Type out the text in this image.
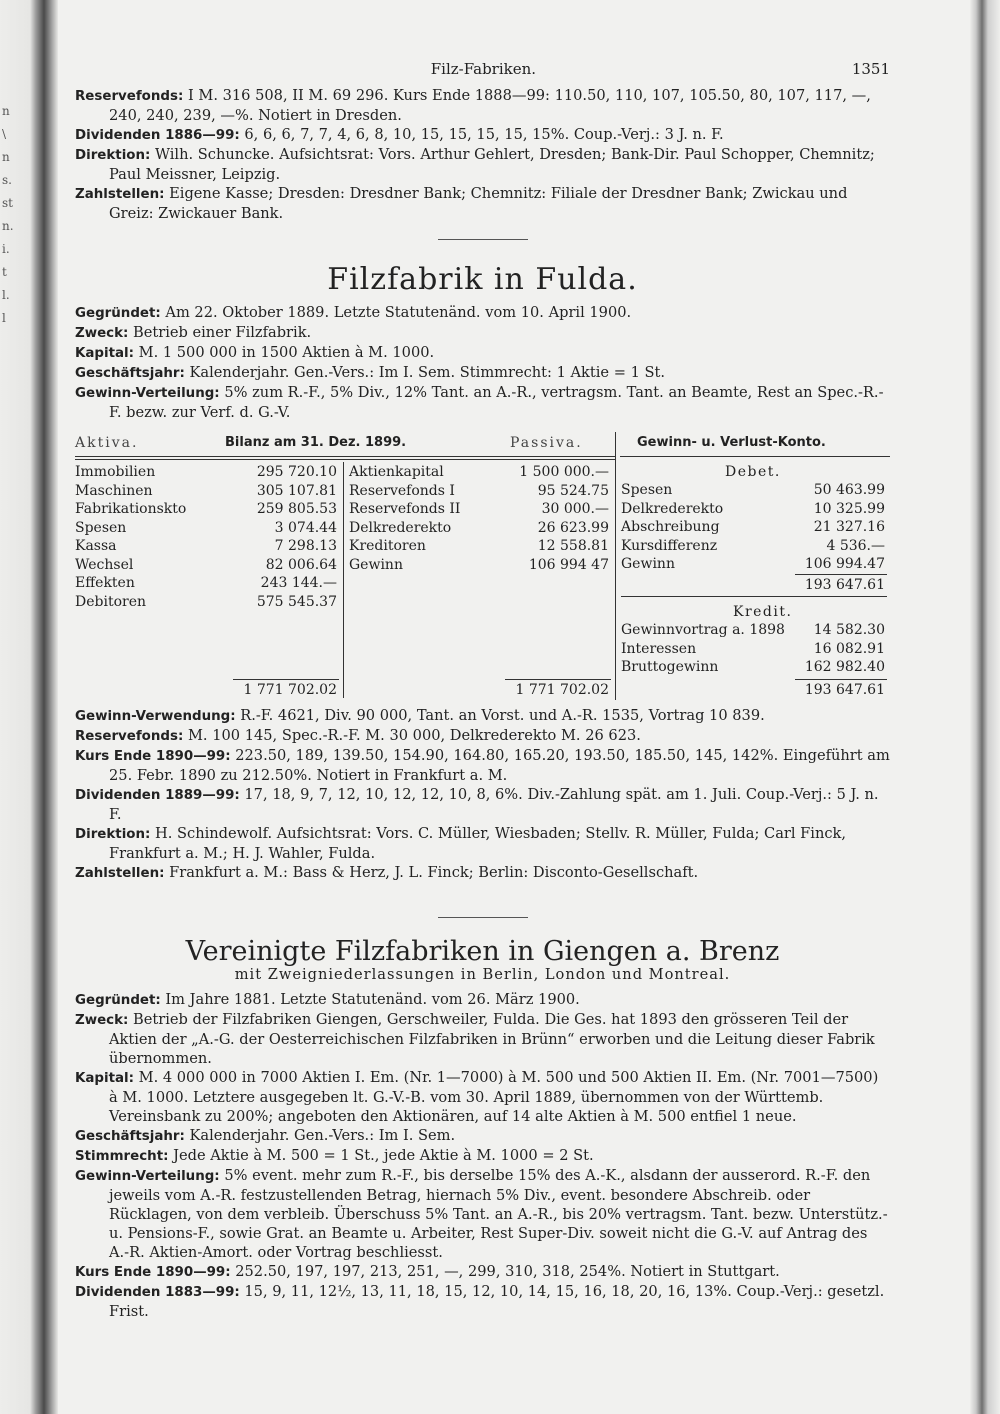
n
\
n
s.
st
n.
i.
t
l.
l
Filz-Fabriken.	1351

Reservefonds: I M. 316 508, II M. 69 296. Kurs Ende 1888—99: 110.50, 110, 107, 105.50, 80, 107, 117, —, 240, 240, 239, —%. Notiert in Dresden.

Dividenden 1886—99: 6, 6, 6, 7, 7, 4, 6, 8, 10, 15, 15, 15, 15, 15%. Coup.-Verj.: 3 J. n. F.

Direktion: Wilh. Schuncke. Aufsichtsrat: Vors. Arthur Gehlert, Dresden; Bank-Dir. Paul Schopper, Chemnitz; Paul Meissner, Leipzig.

Zahlstellen: Eigene Kasse; Dresden: Dresdner Bank; Chemnitz: Filiale der Dresdner Bank; Zwickau und Greiz: Zwickauer Bank.

Filzfabrik in Fulda.

Gegründet: Am 22. Oktober 1889. Letzte Statutenänd. vom 10. April 1900.

Zweck: Betrieb einer Filzfabrik.

Kapital: M. 1 500 000 in 1500 Aktien à M. 1000.

Geschäftsjahr: Kalenderjahr. Gen.-Vers.: Im I. Sem. Stimmrecht: 1 Aktie = 1 St.

Gewinn-Verteilung: 5% zum R.-F., 5% Div., 12% Tant. an A.-R., vertragsm. Tant. an Beamte, Rest an Spec.-R.-F. bezw. zur Verf. d. G.-V.

Aktiva.	Bilanz am 31. Dez. 1899.	Passiva.	Gewinn- u. Verlust-Konto.
Immobilien	295 720.10
Maschinen	305 107.81
Fabrikationskto	259 805.53
Spesen	3 074.44
Kassa	7 298.13
Wechsel	82 006.64
Effekten	243 144.—
Debitoren	575 545.37
1 771 702.02
Aktienkapital	1 500 000.—
Reservefonds I	95 524.75
Reservefonds II	30 000.—
Delkrederekto	26 623.99
Kreditoren	12 558.81
Gewinn	106 994 47
1 771 702.02
Debet.
Spesen	50 463.99
Delkrederekto	10 325.99
Abschreibung	21 327.16
Kursdifferenz	4 536.—
Gewinn	106 994.47
193 647.61
Kredit.
Gewinnvortrag a. 1898 14 582.30
Interessen	16 082.91
Bruttogewinn	162 982.40
193 647.61

Gewinn-Verwendung: R.-F. 4621, Div. 90 000, Tant. an Vorst. und A.-R. 1535, Vortrag 10 839.

Reservefonds: M. 100 145, Spec.-R.-F. M. 30 000, Delkrederekto M. 26 623.

Kurs Ende 1890—99: 223.50, 189, 139.50, 154.90, 164.80, 165.20, 193.50, 185.50, 145, 142%. Eingeführt am 25. Febr. 1890 zu 212.50%. Notiert in Frankfurt a. M.

Dividenden 1889—99: 17, 18, 9, 7, 12, 10, 12, 12, 10, 8, 6%. Div.-Zahlung spät. am 1. Juli. Coup.-Verj.: 5 J. n. F.

Direktion: H. Schindewolf. Aufsichtsrat: Vors. C. Müller, Wiesbaden; Stellv. R. Müller, Fulda; Carl Finck, Frankfurt a. M.; H. J. Wahler, Fulda.

Zahlstellen: Frankfurt a. M.: Bass & Herz, J. L. Finck; Berlin: Disconto-Gesellschaft.

Vereinigte Filzfabriken in Giengen a. Brenz
mit Zweigniederlassungen in Berlin, London und Montreal.

Gegründet: Im Jahre 1881. Letzte Statutenänd. vom 26. März 1900.

Zweck: Betrieb der Filzfabriken Giengen, Gerschweiler, Fulda. Die Ges. hat 1893 den grösseren Teil der Aktien der „A.-G. der Oesterreichischen Filzfabriken in Brünn“ erworben und die Leitung dieser Fabrik übernommen.

Kapital: M. 4 000 000 in 7000 Aktien I. Em. (Nr. 1—7000) à M. 500 und 500 Aktien II. Em. (Nr. 7001—7500) à M. 1000. Letztere ausgegeben lt. G.-V.-B. vom 30. April 1889, übernommen von der Württemb. Vereinsbank zu 200%; angeboten den Aktionären, auf 14 alte Aktien à M. 500 entfiel 1 neue.

Geschäftsjahr: Kalenderjahr. Gen.-Vers.: Im I. Sem.

Stimmrecht: Jede Aktie à M. 500 = 1 St., jede Aktie à M. 1000 = 2 St.

Gewinn-Verteilung: 5% event. mehr zum R.-F., bis derselbe 15% des A.-K., alsdann der ausserord. R.-F. den jeweils vom A.-R. festzustellenden Betrag, hiernach 5% Div., event. besondere Abschreib. oder Rücklagen, von dem verbleib. Überschuss 5% Tant. an A.-R., bis 20% vertragsm. Tant. bezw. Unterstütz.- u. Pensions-F., sowie Grat. an Beamte u. Arbeiter, Rest Super-Div. soweit nicht die G.-V. auf Antrag des A.-R. Aktien-Amort. oder Vortrag beschliesst.

Kurs Ende 1890—99: 252.50, 197, 197, 213, 251, —, 299, 310, 318, 254%. Notiert in Stuttgart.

Dividenden 1883—99: 15, 9, 11, 12½, 13, 11, 18, 15, 12, 10, 14, 15, 16, 18, 20, 16, 13%. Coup.-Verj.: gesetzl. Frist.
